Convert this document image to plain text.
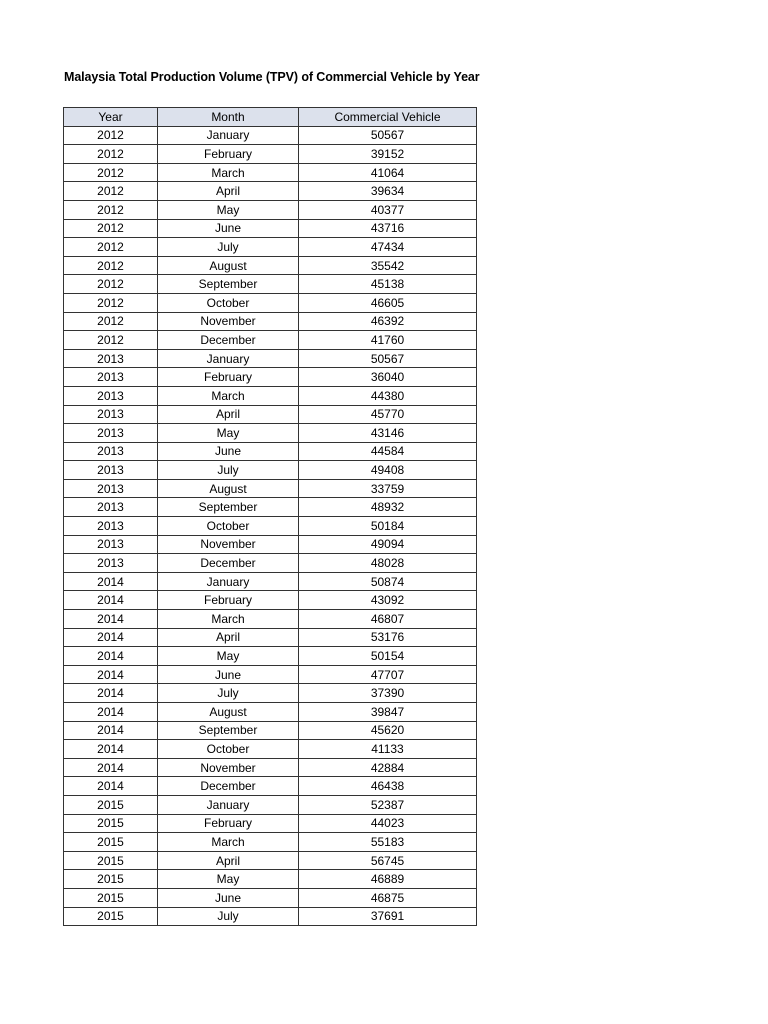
Malaysia Total Production Volume (TPV) of Commercial Vehicle by Year
Year	Month	Commercial Vehicle
2012	January	50567
2012	February	39152
2012	March	41064
2012	April	39634
2012	May	40377
2012	June	43716
2012	July	47434
2012	August	35542
2012	September	45138
2012	October	46605
2012	November	46392
2012	December	41760
2013	January	50567
2013	February	36040
2013	March	44380
2013	April	45770
2013	May	43146
2013	June	44584
2013	July	49408
2013	August	33759
2013	September	48932
2013	October	50184
2013	November	49094
2013	December	48028
2014	January	50874
2014	February	43092
2014	March	46807
2014	April	53176
2014	May	50154
2014	June	47707
2014	July	37390
2014	August	39847
2014	September	45620
2014	October	41133
2014	November	42884
2014	December	46438
2015	January	52387
2015	February	44023
2015	March	55183
2015	April	56745
2015	May	46889
2015	June	46875
2015	July	37691
